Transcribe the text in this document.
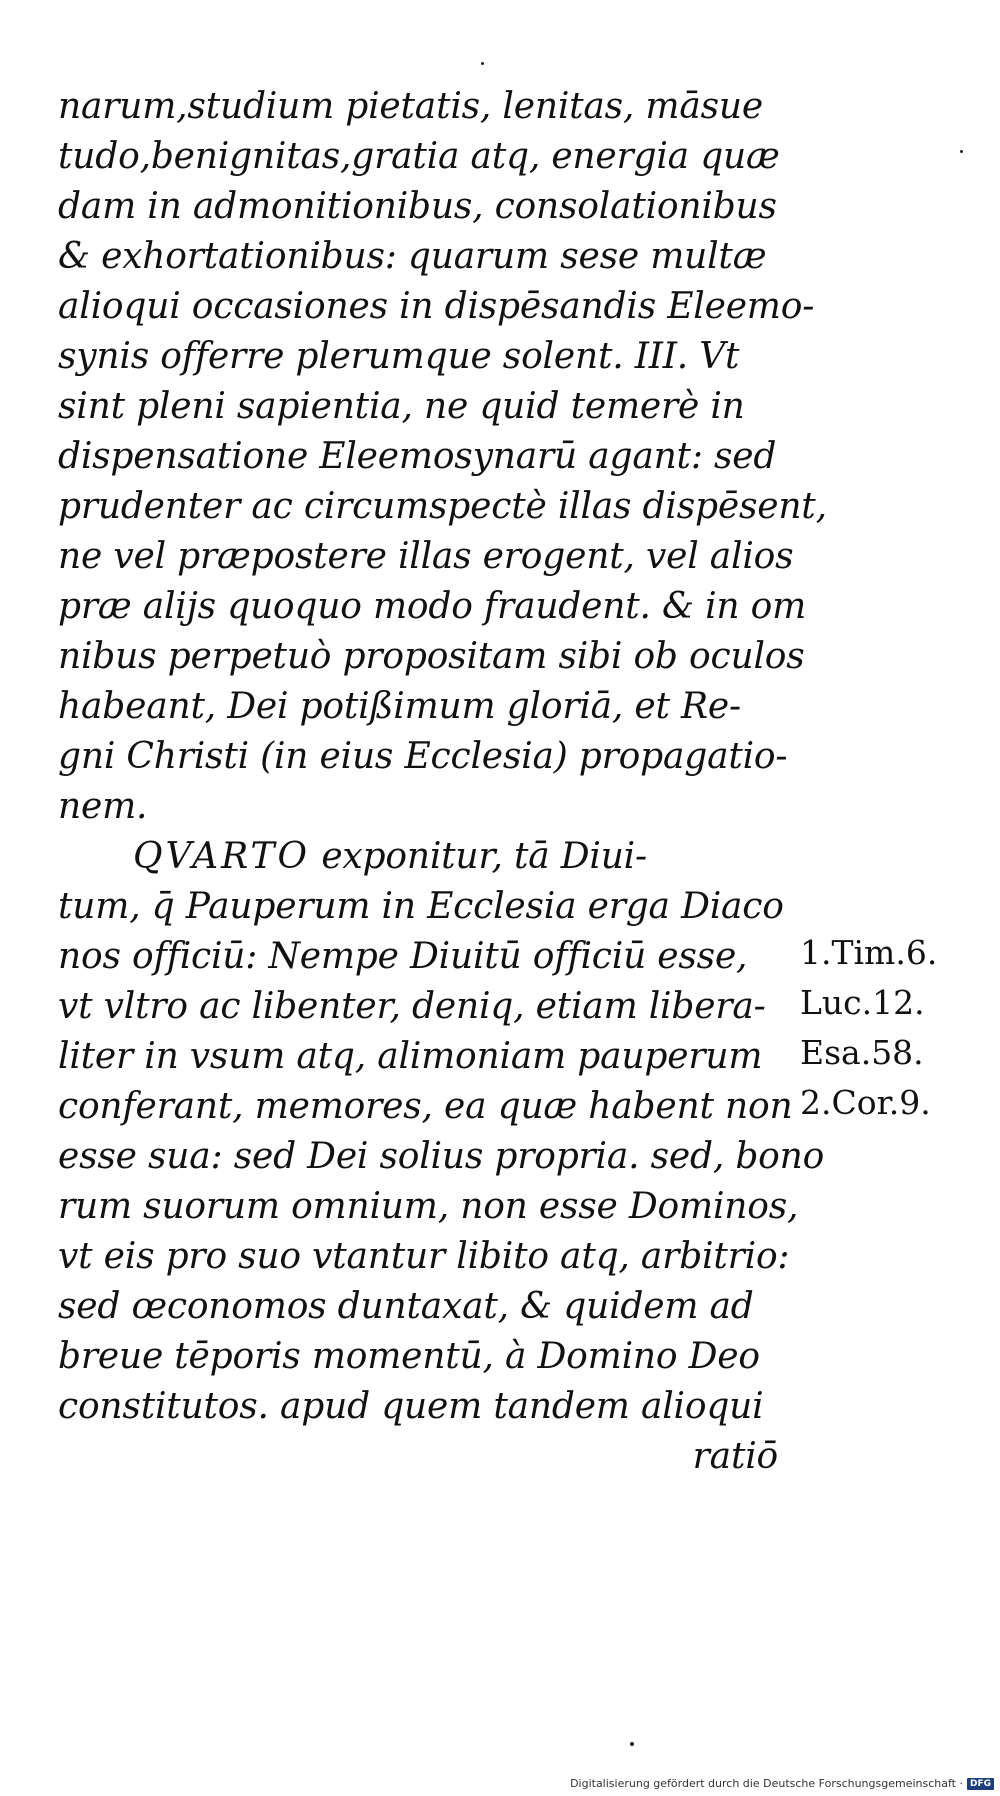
narum,studium pietatis, lenitas, māsue
tudo,benignitas,gratia atq, energia quæ
dam in admonitionibus, consolationibus
& exhortationibus: quarum sese multæ
alioqui occasiones in dispēsandis Eleemo-
synis offerre plerumque solent. III. Vt
sint pleni sapientia, ne quid temerè in
dispensatione Eleemosynarū agant: sed
prudenter ac circumspectè illas dispēsent,
ne vel præpostere illas erogent, vel alios
præ alijs quoquo modo fraudent. & in om
nibus perpetuò propositam sibi ob oculos
habeant, Dei potißimum gloriā, et Re-
gni Christi (in eius Ecclesia) propagatio-
nem.
QVARTO exponitur, tā Diui-
tum, q̄ Pauperum in Ecclesia erga Diaco
nos officiū: Nempe Diuitū officiū esse,
vt vltro ac libenter, deniq, etiam libera-
liter in vsum atq, alimoniam pauperum
conferant, memores, ea quæ habent non
esse sua: sed Dei solius propria. sed, bono
rum suorum omnium, non esse Dominos,
vt eis pro suo vtantur libito atq, arbitrio:
sed œconomos duntaxat, & quidem ad
breue tēporis momentū, à Domino Deo
constitutos. apud quem tandem alioqui
ratiō
1.Tim.6.
Luc.12.
Esa.58.
2.Cor.9.
Digitalisierung gefördert durch die Deutsche Forschungsgemeinschaft · DFG
